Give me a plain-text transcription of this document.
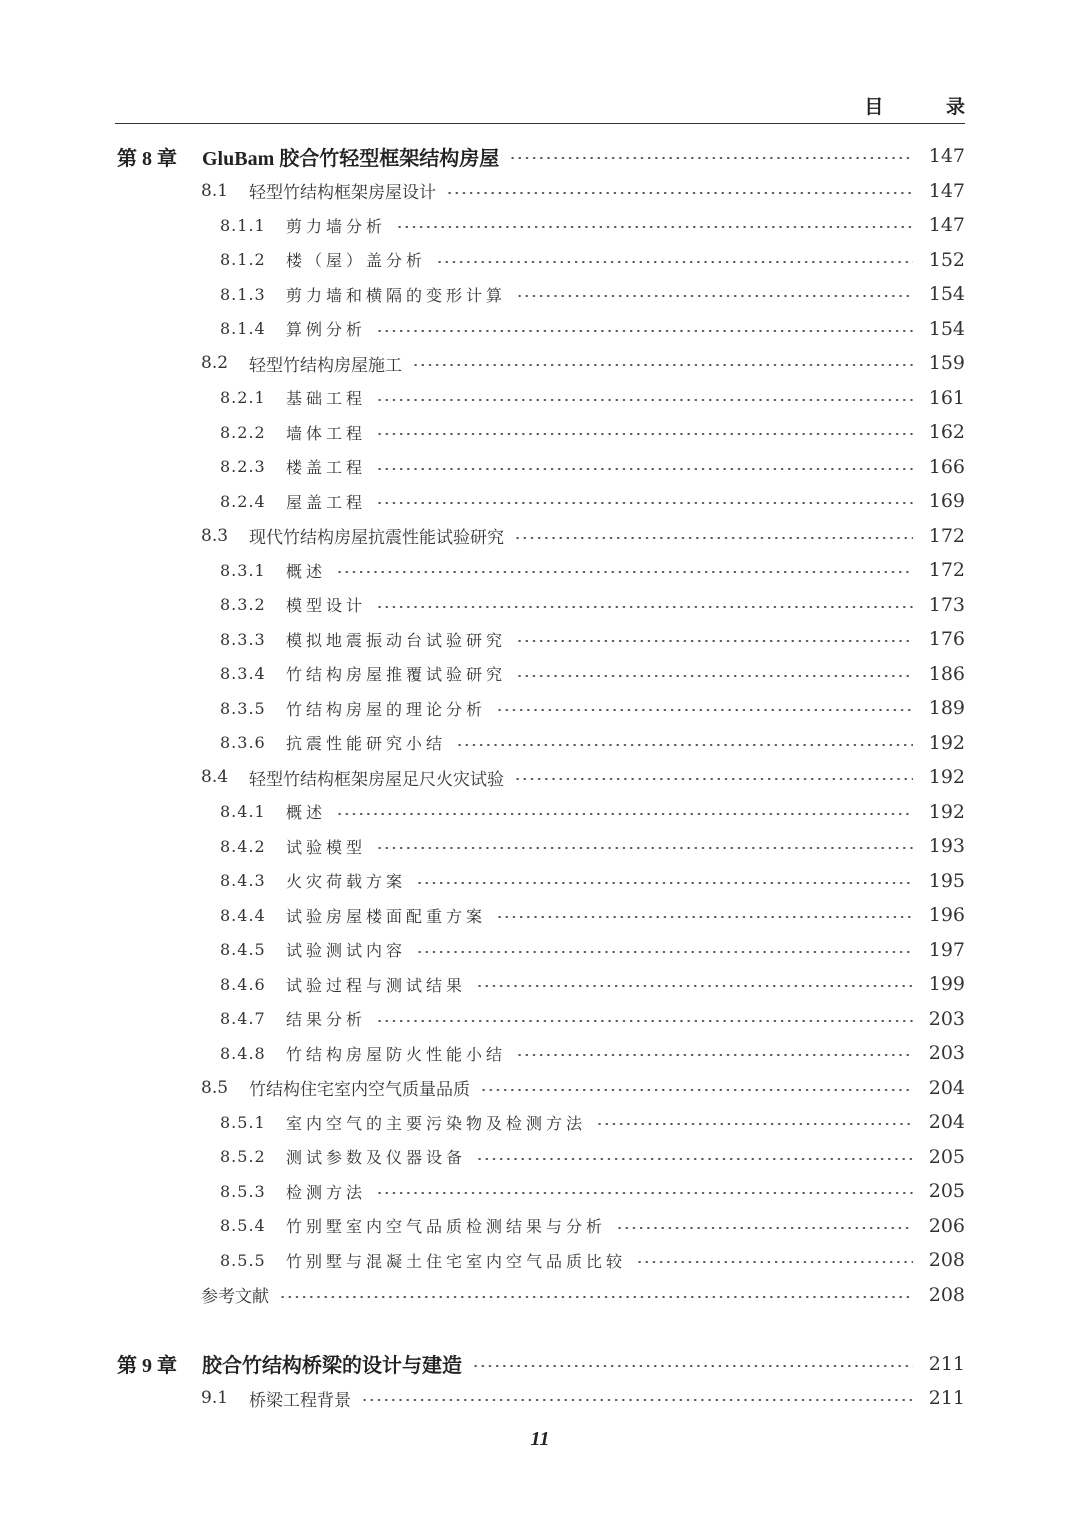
目 录
第 8 章	GluBam 胶合竹轻型框架结构房屋	147
8.1	轻型竹结构框架房屋设计	147
8.1.1	剪力墙分析	147
8.1.2	楼（屋）盖分析	152
8.1.3	剪力墙和横隔的变形计算	154
8.1.4	算例分析	154
8.2	轻型竹结构房屋施工	159
8.2.1	基础工程	161
8.2.2	墙体工程	162
8.2.3	楼盖工程	166
8.2.4	屋盖工程	169
8.3	现代竹结构房屋抗震性能试验研究	172
8.3.1	概述	172
8.3.2	模型设计	173
8.3.3	模拟地震振动台试验研究	176
8.3.4	竹结构房屋推覆试验研究	186
8.3.5	竹结构房屋的理论分析	189
8.3.6	抗震性能研究小结	192
8.4	轻型竹结构框架房屋足尺火灾试验	192
8.4.1	概述	192
8.4.2	试验模型	193
8.4.3	火灾荷载方案	195
8.4.4	试验房屋楼面配重方案	196
8.4.5	试验测试内容	197
8.4.6	试验过程与测试结果	199
8.4.7	结果分析	203
8.4.8	竹结构房屋防火性能小结	203
8.5	竹结构住宅室内空气质量品质	204
8.5.1	室内空气的主要污染物及检测方法	204
8.5.2	测试参数及仪器设备	205
8.5.3	检测方法	205
8.5.4	竹别墅室内空气品质检测结果与分析	206
8.5.5	竹别墅与混凝土住宅室内空气品质比较	208
参考文献	208
第 9 章	胶合竹结构桥梁的设计与建造	211
9.1	桥梁工程背景	211
11
